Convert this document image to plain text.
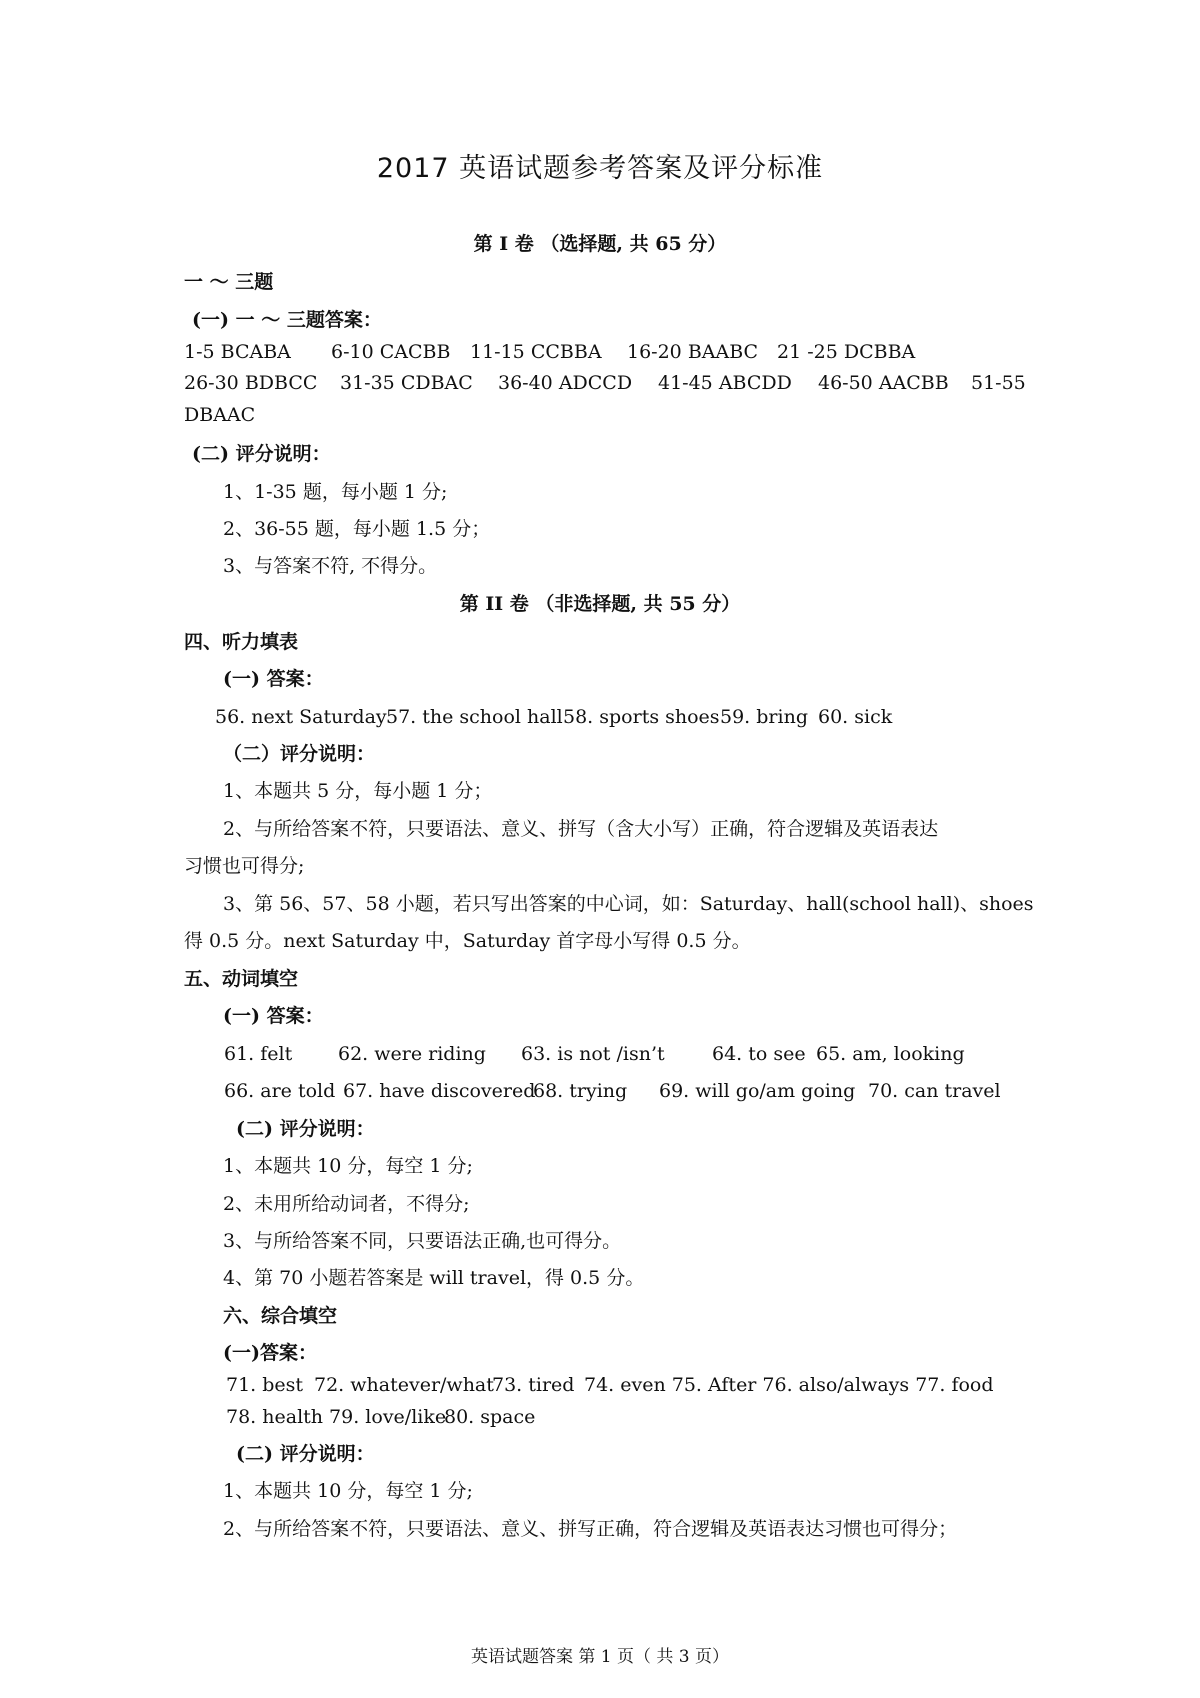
2017 英语试题参考答案及评分标准
第 I 卷 （选择题, 共 65 分）
一 ～ 三题
(一) 一 ～ 三题答案：
1-5 BCABA 6-10 CACBB 11-15 CCBBA 16-20 BAABC 21 -25 DCBBA
26-30 BDBCC 31-35 CDBAC 36-40 ADCCD 41-45 ABCDD 46-50 AACBB 51-55
DBAAC
(二) 评分说明：
1、1-35 题，每小题 1 分;
2、36-55 题，每小题 1.5 分；
3、与答案不符, 不得分。
第 II 卷 （非选择题, 共 55 分）
四、听力填表
(一) 答案：
56. next Saturday 57. the school hall 58. sports shoes 59. bring 60. sick
（二）评分说明：
1、本题共 5 分，每小题 1 分；
2、与所给答案不符，只要语法、意义、拼写（含大小写）正确，符合逻辑及英语表达
习惯也可得分;
3、第 56、57、58 小题，若只写出答案的中心词，如：Saturday、hall(school hall)、shoes
得 0.5 分。next Saturday 中，Saturday 首字母小写得 0.5 分。
五、动词填空
(一) 答案：
61. felt 62. were riding 63. is not /isn’t 64. to see 65. am, looking
66. are told 67. have discovered
68. trying 69. will go/am going 70. can travel
(二) 评分说明：
1、本题共 10 分，每空 1 分;
2、未用所给动词者，不得分;
3、与所给答案不同，只要语法正确,也可得分。
4、第 70 小题若答案是 will travel，得 0.5 分。
六、综合填空
(一)答案：
71. best 72. whatever/what
73. tired 74. even 75. After 76. also/always 77. food
78. health 79. love/like
80. space
(二) 评分说明：
1、本题共 10 分，每空 1 分;
2、与所给答案不符，只要语法、意义、拼写正确，符合逻辑及英语表达习惯也可得分；
英语试题答案 第 1 页（ 共 3 页）
